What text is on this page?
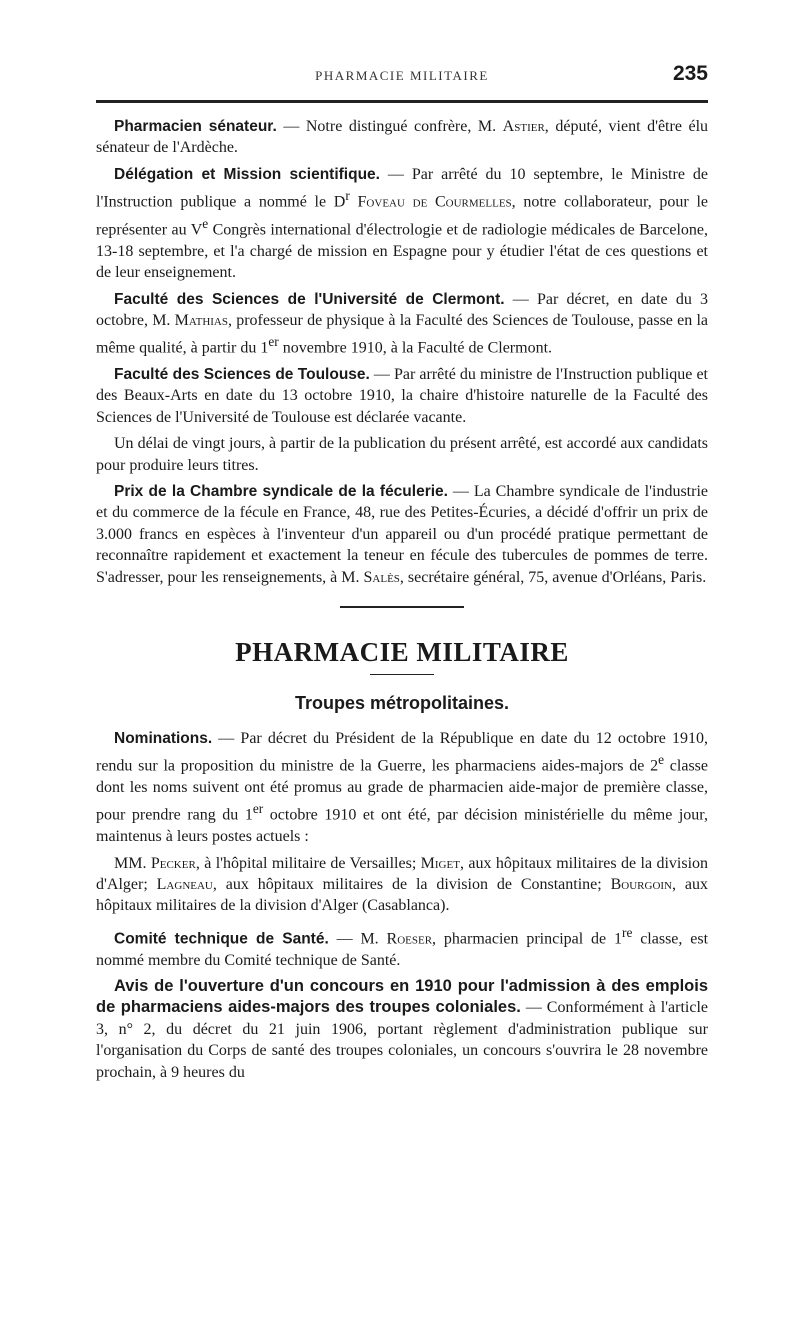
PHARMACIE MILITAIRE	235

Pharmacien sénateur. — Notre distingué confrère, M. Astier, député, vient d'être élu sénateur de l'Ardèche.

Délégation et Mission scientifique. — Par arrêté du 10 septembre, le Ministre de l'Instruction publique a nommé le $D^r$ Foveau de Courmelles, notre collaborateur, pour le représenter au Ve Congrès international d'électrologie et de radiologie médicales de Barcelone, 13-18 septembre, et l'a chargé de mission en Espagne pour y étudier l'état de ces questions et de leur enseignement.

Faculté des Sciences de l'Université de Clermont. — Par décret, en date du 3 octobre, M. Mathias, professeur de physique à la Faculté des Sciences de Toulouse, passe en la même qualité, à partir du 1er novembre 1910, à la Faculté de Clermont.

Faculté des Sciences de Toulouse. — Par arrêté du ministre de l'Instruction publique et des Beaux-Arts en date du 13 octobre 1910, la chaire d'histoire naturelle de la Faculté des Sciences de l'Université de Toulouse est déclarée vacante.

Un délai de vingt jours, à partir de la publication du présent arrêté, est accordé aux candidats pour produire leurs titres.

Prix de la Chambre syndicale de la féculerie. — La Chambre syndicale de l'industrie et du commerce de la fécule en France, 48, rue des Petites-Écuries, a décidé d'offrir un prix de 3.000 francs en espèces à l'inventeur d'un appareil ou d'un procédé pratique permettant de reconnaître rapidement et exactement la teneur en fécule des tubercules de pommes de terre. S'adresser, pour les renseignements, à M. Salès, secrétaire général, 75, avenue d'Orléans, Paris.

PHARMACIE MILITAIRE
Troupes métropolitaines.

Nominations. — Par décret du Président de la République en date du 12 octobre 1910, rendu sur la proposition du ministre de la Guerre, les pharmaciens aides-majors de 2e classe dont les noms suivent ont été promus au grade de pharmacien aide-major de première classe, pour prendre rang du 1er octobre 1910 et ont été, par décision ministérielle du même jour, maintenus à leurs postes actuels :

MM. Pecker, à l'hôpital militaire de Versailles; Miget, aux hôpitaux militaires de la division d'Alger; Lagneau, aux hôpitaux militaires de la division de Constantine; Bourgoin, aux hôpitaux militaires de la division d'Alger (Casablanca).

Comité technique de Santé. — M. Roeser, pharmacien principal de 1re classe, est nommé membre du Comité technique de Santé.

Avis de l'ouverture d'un concours en 1910 pour l'admission à des emplois de pharmaciens aides-majors des troupes coloniales. — Conformément à l'article 3, n° 2, du décret du 21 juin 1906, portant règlement d'administration publique sur l'organisation du Corps de santé des troupes coloniales, un concours s'ouvrira le 28 novembre prochain, à 9 heures du
